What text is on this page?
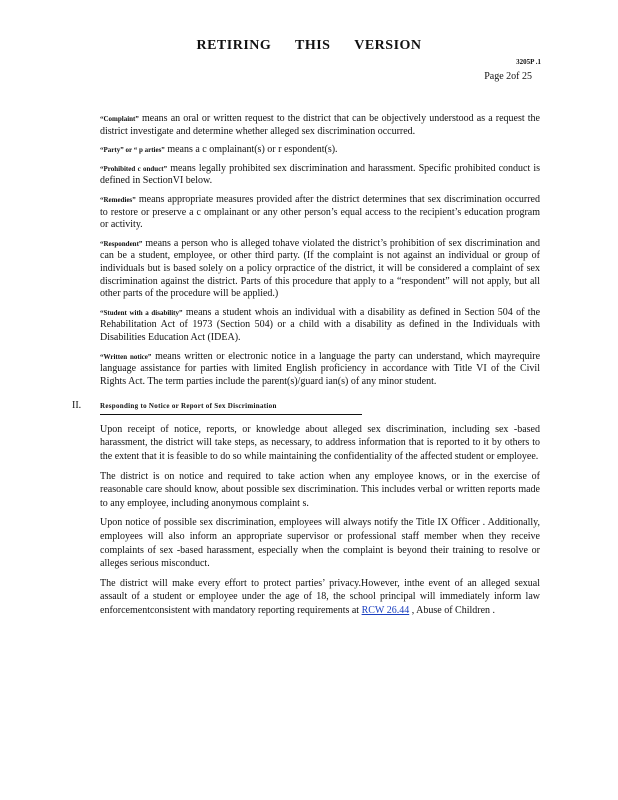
RETIRING THIS VERSION
3205P .1
Page 2of 25

“Complaint” means an oral or written request to the district that can be objectively understood as a request the district investigate and determine whether alleged sex discrimination occurred.

“Party” or “ p arties” means a c omplainant(s) or r espondent(s).

“Prohibited c onduct” means legally prohibited sex discrimination and harassment. Specific prohibited conduct is defined in SectionVI below.

“Remedies” means appropriate measures provided after the district determines that sex discrimination occurred to restore or preserve a c omplainant or any other person’s equal access to the recipient’s education program or activity.

“Respondent” means a person who is alleged tohave violated the district’s prohibition of sex discrimination and can be a student, employee, or other third party. (If the complaint is not against an individual or group of individuals but is based solely on a policy orpractice of the district, it will be considered a complaint of sex discrimination against the district. Parts of this procedure that apply to a “respondent” will not apply, but all other parts of the procedure will be applied.)

“Student with a disability” means a student whois an individual with a disability as defined in Section 504 of the Rehabilitation Act of 1973 (Section 504) or a child with a disability as defined in the Individuals with Disabilities Education Act (IDEA).

“Written notice” means written or electronic notice in a language the party can understand, which mayrequire language assistance for parties with limited English proficiency in accordance with Title VI of the Civil Rights Act. The term parties include the parent(s)/guard ian(s) of any minor student.

II.	Responding to Notice or Report of Sex Discrimination

Upon receipt of notice, reports, or knowledge about alleged sex discrimination, including sex -based harassment, the district will take steps, as necessary, to address information that is reported to it by others to the extent that it is feasible to do so while maintaining the confidentiality of the affected student or employee.

The district is on notice and required to take action when any employee knows, or in the exercise of reasonable care should know, about possible sex discrimination. This includes verbal or written reports made to any employee, including anonymous complaint s.

Upon notice of possible sex discrimination, employees will always notify the Title IX Officer . Additionally, employees will also inform an appropriate supervisor or professional staff member when they receive complaints of sex -based harassment, especially when the complaint is beyond their training to resolve or alleges serious misconduct.

The district will make every effort to protect parties’ privacy.However, inthe event of an alleged sexual assault of a student or employee under the age of 18, the school principal will immediately inform law enforcementconsistent with mandatory reporting requirements at RCW 26.44 , Abuse of Children .
